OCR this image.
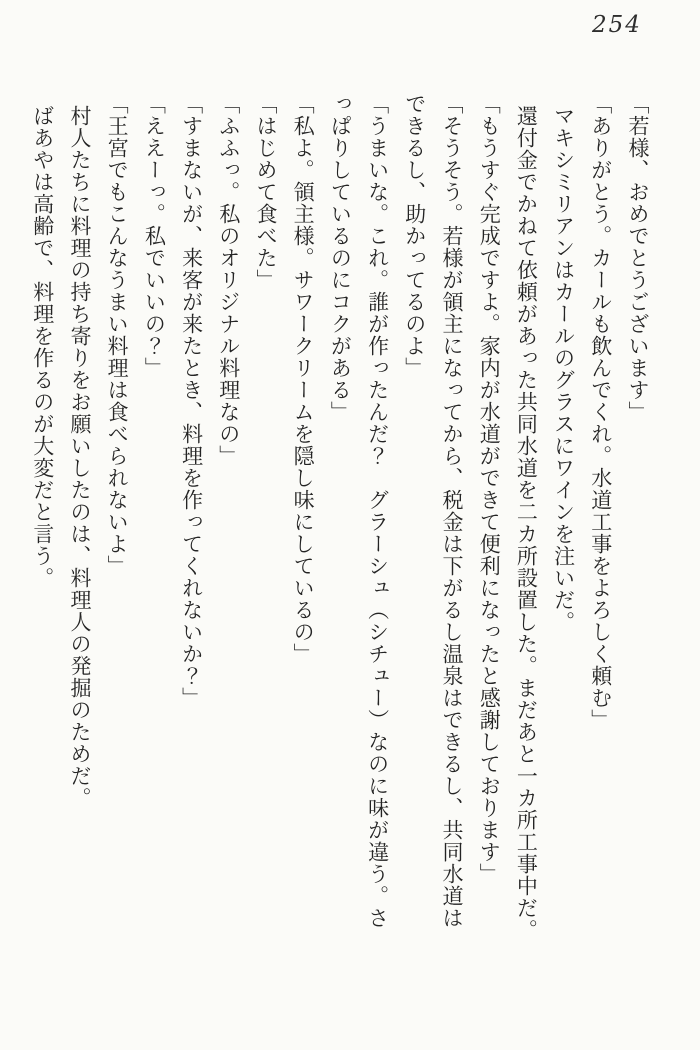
254
「若様、おめでとうございます」
「ありがとう。カールも飲んでくれ。水道工事をよろしく頼む」
マキシミリアンはカールのグラスにワインを注いだ。
還付金でかねて依頼があった共同水道を二カ所設置した。まだあと一カ所工事中だ。
「もうすぐ完成ですよ。家内が水道ができて便利になったと感謝しております」
「そうそう。若様が領主になってから、税金は下がるし温泉はできるし、共同水道は
できるし、助かってるのよ」
「うまいな。これ。誰が作ったんだ？　グラーシュ（シチュー）なのに味が違う。さ
っぱりしているのにコクがある」
「私よ。領主様。サワークリームを隠し味にしているの」
「はじめて食べた」
「ふふっ。私のオリジナル料理なの」
「すまないが、来客が来たとき、料理を作ってくれないか？」
「ええーっ。私でいいの？」
「王宮でもこんなうまい料理は食べられないよ」
村人たちに料理の持ち寄りをお願いしたのは、料理人の発掘のためだ。
ばあやは高齢で、料理を作るのが大変だと言う。
